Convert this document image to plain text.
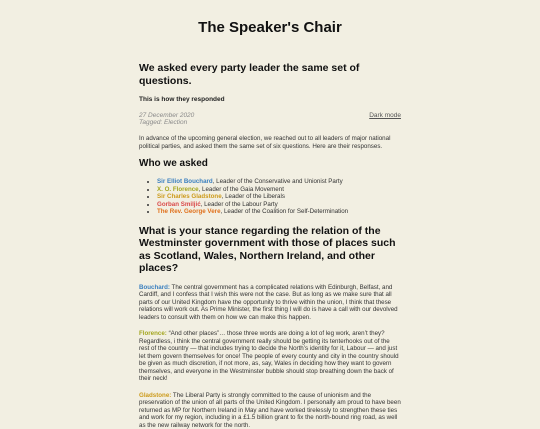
The Speaker's Chair
We asked every party leader the same set of questions.
This is how they responded
27 December 2020
Tagged: Election
Dark mode
In advance of the upcoming general election, we reached out to all leaders of major national political parties, and asked them the same set of six questions. Here are their responses.
Who we asked
• Sir Elliot Bouchard, Leader of the Conservative and Unionist Party
• X. O. Florence, Leader of the Gaia Movement
• Sir Charles Gladstone, Leader of the Liberals
• Gorban Smiljić, Leader of the Labour Party
• The Rev. George Vere, Leader of the Coalition for Self-Determination
What is your stance regarding the relation of the Westminster government with those of places such as Scotland, Wales, Northern Ireland, and other places?
Bouchard: The central government has a complicated relations with Edinburgh, Belfast, and Cardiff, and I confess that I wish this were not the case. But as long as we make sure that all parts of our United Kingdom have the opportunity to thrive within the union, I think that these relations will work out. As Prime Minister, the first thing I will do is have a call with our devolved leaders to consult with them on how we can make this happen.
Florence: “And other places”… those three words are doing a lot of leg work, aren’t they? Regardless, i think the central government really should be getting its tenterhooks out of the rest of the country — that includes trying to decide the North’s identity for it, Labour — and just let them govern themselves for once! The people of every county and city in the country should be given as much discretion, if not more, as, say, Wales in deciding how they want to govern themselves, and everyone in the Westminster bubble should stop breathing down the back of their neck!
Gladstone: The Liberal Party is strongly committed to the cause of unionism and the preservation of the union of all parts of the United Kingdom. I personally am proud to have been returned as MP for Northern Ireland in May and have worked tirelessly to strengthen these ties and work for my region, including in a £1.5 billion grant to fix the north-bound ring road, as well as the new railway network for the north.
